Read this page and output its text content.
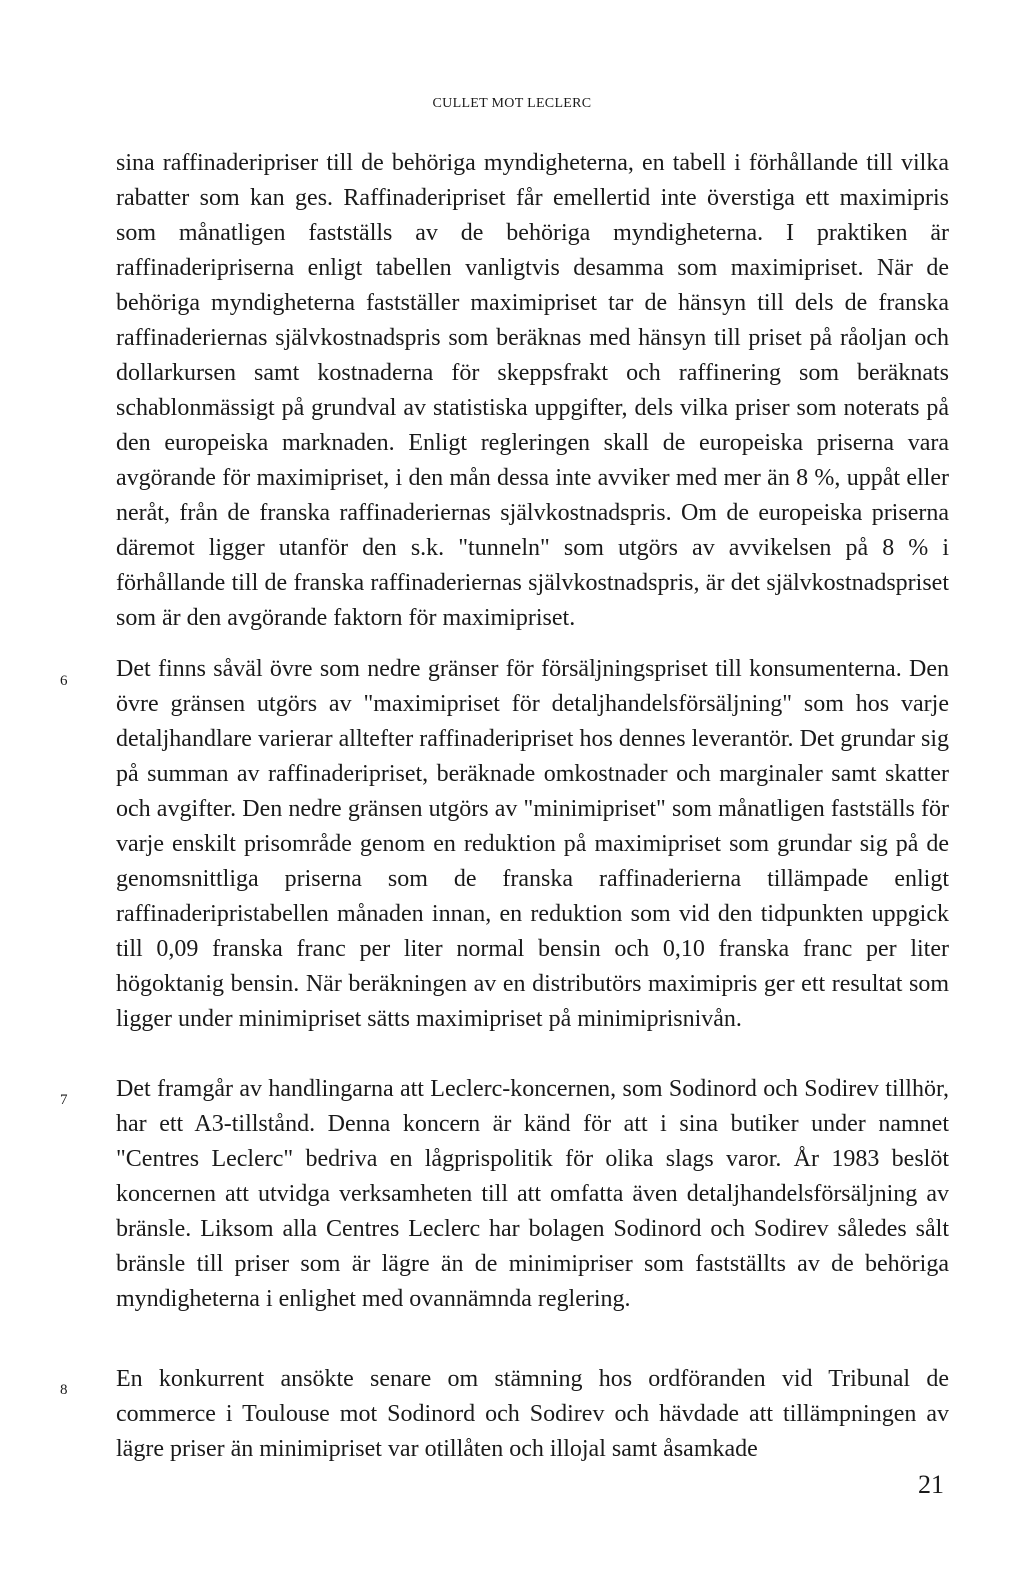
CULLET MOT LECLERC

sina raffinaderipriser till de behöriga myndigheterna, en tabell i förhållande till vilka rabatter som kan ges. Raffinaderipriset får emellertid inte överstiga ett maximipris som månatligen fastställs av de behöriga myndigheterna. I praktiken är raffinaderipriserna enligt tabellen vanligtvis desamma som maximipriset. När de behöriga myndigheterna fastställer maximipriset tar de hänsyn till dels de franska raffinaderiernas självkostnadspris som beräknas med hänsyn till priset på råoljan och dollarkursen samt kostnaderna för skeppsfrakt och raffinering som beräknats schablonmässigt på grundval av statistiska uppgifter, dels vilka priser som noterats på den europeiska marknaden. Enligt regleringen skall de europeiska priserna vara avgörande för maximipriset, i den mån dessa inte avviker med mer än 8 %, uppåt eller neråt, från de franska raffinaderiernas självkostnadspris. Om de europeiska priserna däremot ligger utanför den s.k. "tunneln" som utgörs av avvikelsen på 8 % i förhållande till de franska raffinaderiernas självkostnadspris, är det självkostnadspriset som är den avgörande faktorn för maximipriset.

6 Det finns såväl övre som nedre gränser för försäljningspriset till konsumenterna. Den övre gränsen utgörs av "maximipriset för detaljhandelsförsäljning" som hos varje detaljhandlare varierar alltefter raffinaderipriset hos dennes leverantör. Det grundar sig på summan av raffinaderipriset, beräknade omkostnader och marginaler samt skatter och avgifter. Den nedre gränsen utgörs av "minimipriset" som månatligen fastställs för varje enskilt prisområde genom en reduktion på maximipriset som grundar sig på de genomsnittliga priserna som de franska raffinaderierna tillämpade enligt raffinaderipristabellen månaden innan, en reduktion som vid den tidpunkten uppgick till 0,09 franska franc per liter normal bensin och 0,10 franska franc per liter högoktanig bensin. När beräkningen av en distributörs maximipris ger ett resultat som ligger under minimipriset sätts maximipriset på minimiprisnivån.

7 Det framgår av handlingarna att Leclerc-koncernen, som Sodinord och Sodirev tillhör, har ett A3-tillstånd. Denna koncern är känd för att i sina butiker under namnet "Centres Leclerc" bedriva en lågprispolitik för olika slags varor. År 1983 beslöt koncernen att utvidga verksamheten till att omfatta även detaljhandelsförsäljning av bränsle. Liksom alla Centres Leclerc har bolagen Sodinord och Sodirev således sålt bränsle till priser som är lägre än de minimipriser som fastställts av de behöriga myndigheterna i enlighet med ovannämnda reglering.

8 En konkurrent ansökte senare om stämning hos ordföranden vid Tribunal de commerce i Toulouse mot Sodinord och Sodirev och hävdade att tillämpningen av lägre priser än minimipriset var otillåten och illojal samt åsamkade

21
